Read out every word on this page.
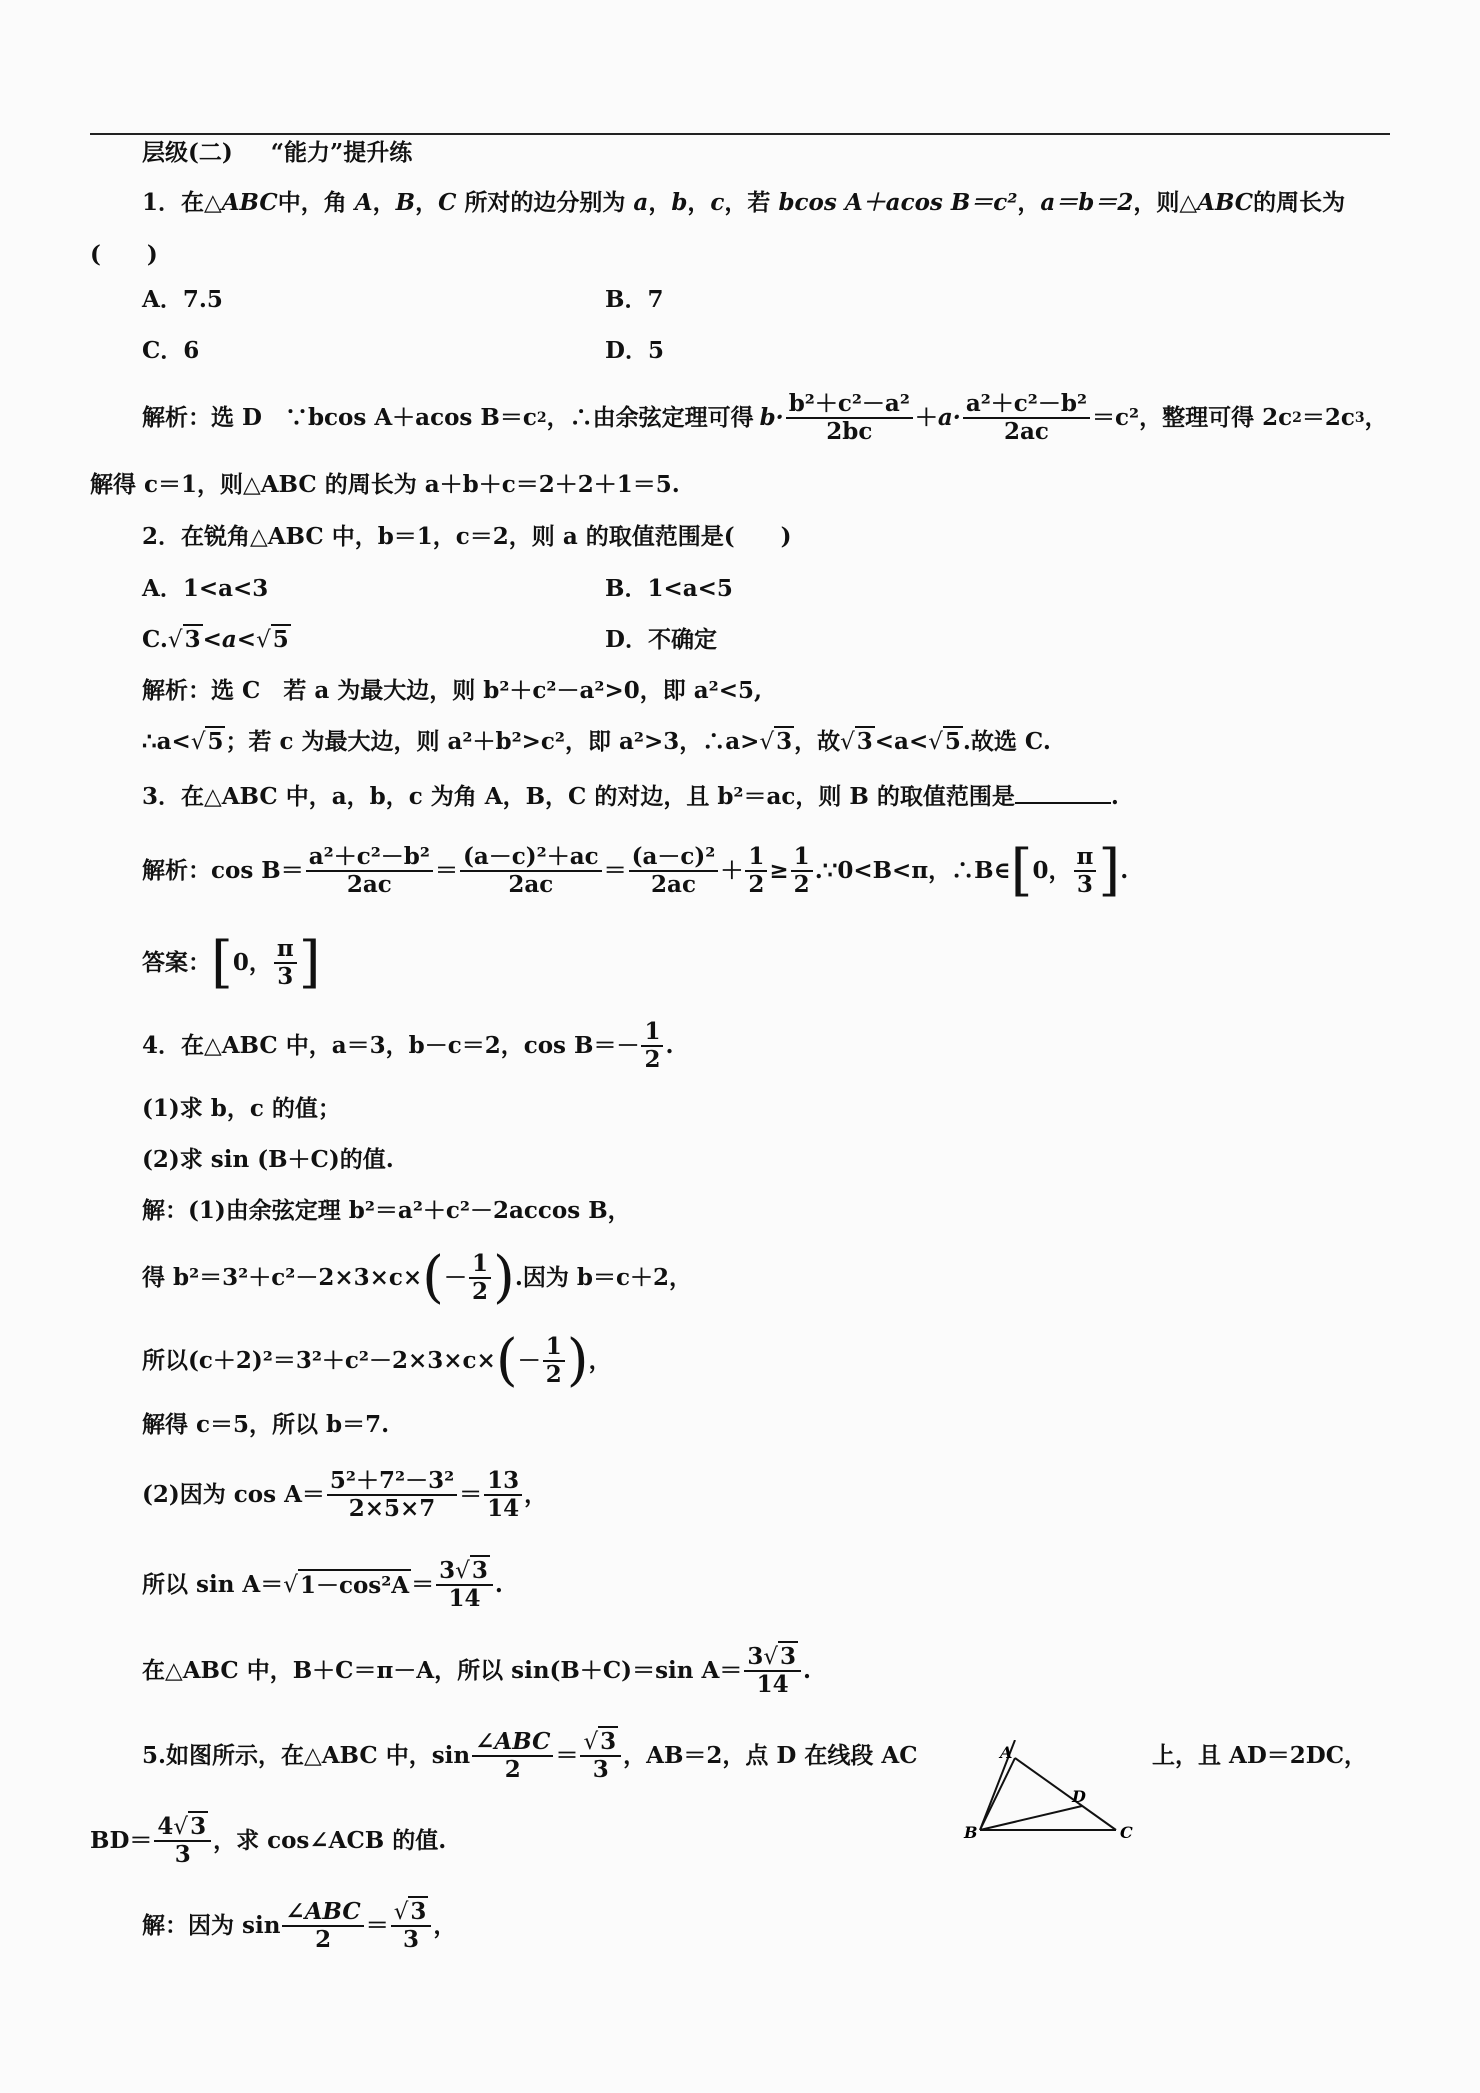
层级(二) “能力”提升练
1．在△ABC中，角 A，B，C 所对的边分别为 a，b，c，若 bcos A＋acos B＝c²，a＝b＝2，则△ABC的周长为
(　　)
A．7.5	B．7
C．6	D．5
解析：选 D　∵bcos A＋acos B＝c 2 ，∴由余弦定理可得 b·
b²＋c²－a²
2bc
＋ a·
a²＋c²－b²
2ac
＝c² ，整理可得 2c 2 ＝2c 3 ，
解得 c＝1，则△ABC 的周长为 a＋b＋c＝2＋2＋1＝5.
2．在锐角△ABC 中，b＝1，c＝2，则 a 的取值范围是(　　)
A．1<a<3	B．1<a<5
C.√3<a<√5	D．不确定
解析：选 C　若 a 为最大边，则 b²＋c²－a²>0，即 a²<5,
∴a<√5；若 c 为最大边，则 a²＋b²>c²，即 a²>3，∴a>√3，故√3<a<√5.故选 C.
3．在△ABC 中，a，b，c 为角 A，B，C 的对边，且 b²＝ac，则 B 的取值范围是	.
解析：cos B＝
a²＋c²－b²
2ac
＝
(a－c)²＋ac
2ac
＝
(a－c)²
2ac
＋ $\frac{1}{2} \ge \frac{1}{2}$ .∵0<B<π，∴B∈ [ 0，
π
3 ] .
答案： [ 0，
π
3 ]
4．在△ABC 中，a＝3，b－c＝2，cos B＝－
1
2
.
(1)求 b，c 的值；
(2)求 sin (B＋C)的值.
解：(1)由余弦定理 b²＝a²＋c²－2accos B，
得 b²＝3²＋c²－2×3×c× ( －
1
2 ) .因为 b＝c＋2，
所以(c＋2)²＝3²＋c²－2×3×c× ( －
1
2 ) ，
解得 c＝5，所以 b＝7.
(2)因为 cos A＝
5²＋7²－3²
2×5×7
＝
13
14
，
所以 sin A＝ √ 1－cos²A ＝
3√3
14
.
在△ABC 中，B＋C＝π－A，所以 sin(B＋C)＝sin A＝
3√3
14
.
5.如图所示，在△ABC 中，sin
∠ABC
2
＝ √3
3
，AB＝2，点 D 在线段 AC	上，且 AD＝2DC，
A
D
B	C
BD＝
4√3
3
，求 cos∠ACB 的值.
解：因为 sin
∠ABC
2
＝ √3
3
，
